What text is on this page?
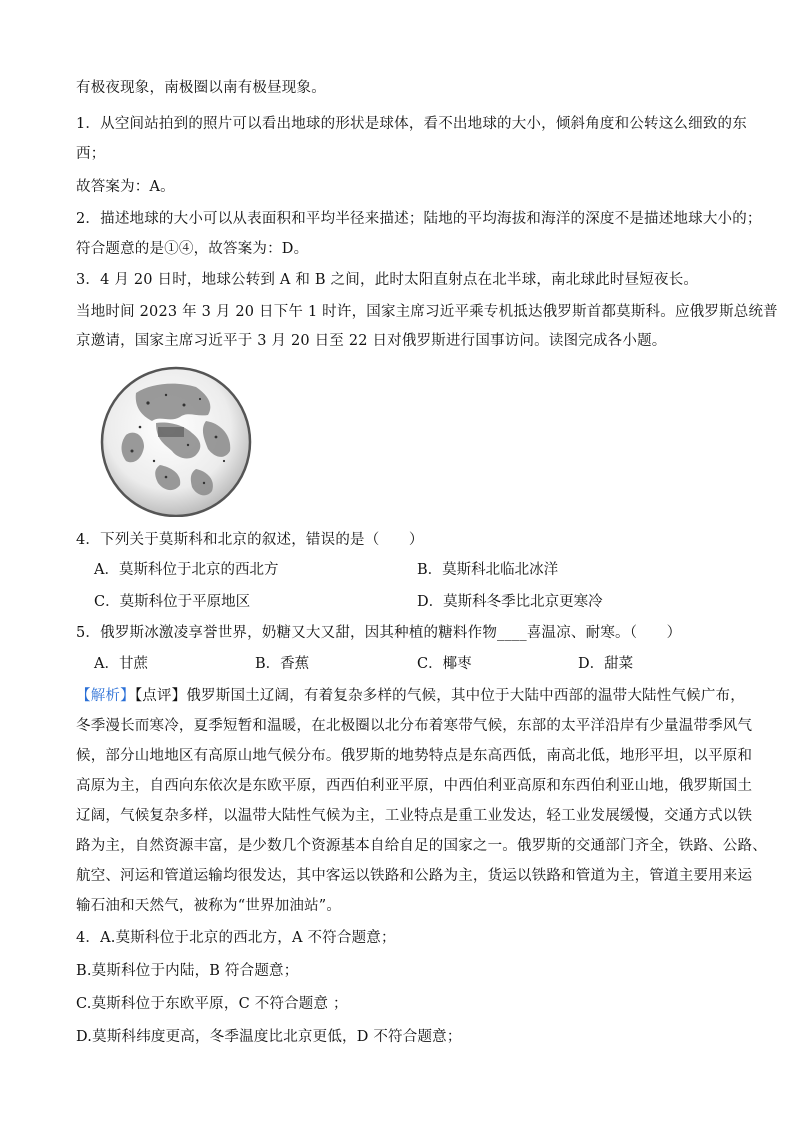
有极夜现象，南极圈以南有极昼现象。
1．从空间站拍到的照片可以看出地球的形状是球体，看不出地球的大小，倾斜角度和公转这么细致的东
西；
故答案为：A。
2．描述地球的大小可以从表面积和平均半径来描述；陆地的平均海拔和海洋的深度不是描述地球大小的；
符合题意的是①④，故答案为：D。
3．4 月 20 日时，地球公转到 A 和 B 之间，此时太阳直射点在北半球，南北球此时昼短夜长。
当地时间 2023 年 3 月 20 日下午 1 时许，国家主席习近平乘专机抵达俄罗斯首都莫斯科。应俄罗斯总统普
京邀请，国家主席习近平于 3 月 20 日至 22 日对俄罗斯进行国事访问。读图完成各小题。
4．下列关于莫斯科和北京的叙述，错误的是（　　）
A．莫斯科位于北京的西北方	B．莫斯科北临北冰洋
C．莫斯科位于平原地区	D．莫斯科冬季比北京更寒冷
5．俄罗斯冰激凌享誉世界，奶糖又大又甜，因其种植的糖料作物____喜温凉、耐寒。（　　）
A．甘蔗	B．香蕉	C．椰枣	D．甜菜
【解析】【点评】俄罗斯国土辽阔，有着复杂多样的气候，其中位于大陆中西部的温带大陆性气候广布，
冬季漫长而寒冷，夏季短暂和温暖，在北极圈以北分布着寒带气候，东部的太平洋沿岸有少量温带季风气
候，部分山地地区有高原山地气候分布。俄罗斯的地势特点是东高西低，南高北低，地形平坦，以平原和
高原为主，自西向东依次是东欧平原，西西伯利亚平原，中西伯利亚高原和东西伯利亚山地，俄罗斯国土
辽阔，气候复杂多样，以温带大陆性气候为主，工业特点是重工业发达，轻工业发展缓慢，交通方式以铁
路为主，自然资源丰富，是少数几个资源基本自给自足的国家之一。俄罗斯的交通部门齐全，铁路、公路、
航空、河运和管道运输均很发达，其中客运以铁路和公路为主，货运以铁路和管道为主，管道主要用来运
输石油和天然气，被称为“世界加油站”。
4．A.莫斯科位于北京的西北方，A 不符合题意；
B.莫斯科位于内陆，B 符合题意；
C.莫斯科位于东欧平原，C 不符合题意 ；
D.莫斯科纬度更高，冬季温度比北京更低，D 不符合题意；
